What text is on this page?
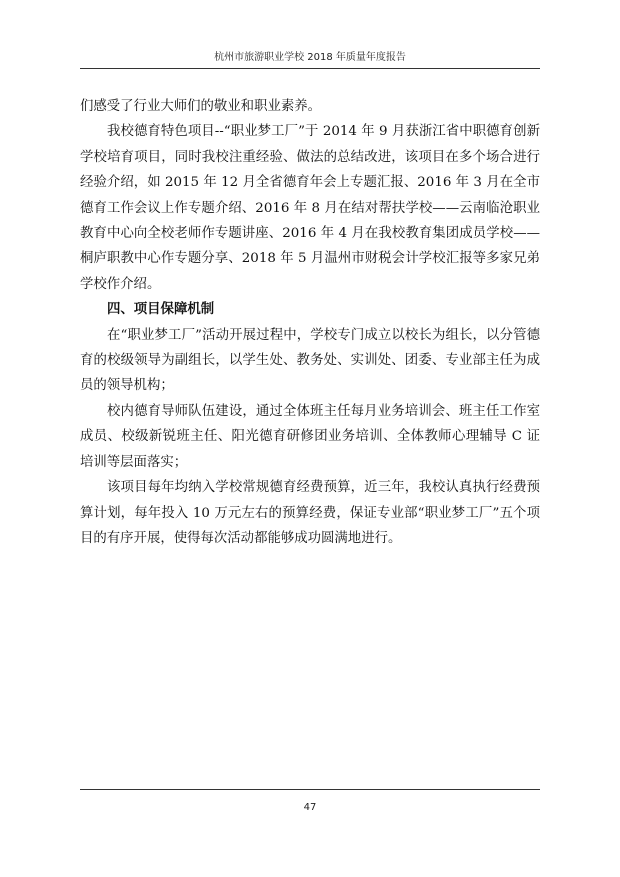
杭州市旅游职业学校 2018 年质量年度报告

们感受了行业大师们的敬业和职业素养。

我校德育特色项目--“职业梦工厂”于 2014 年 9 月获浙江省中职德育创新学校培育项目，同时我校注重经验、做法的总结改进，该项目在多个场合进行经验介绍，如 2015 年 12 月全省德育年会上专题汇报、2016 年 3 月在全市德育工作会议上作专题介绍、2016 年 8 月在结对帮扶学校——云南临沧职业教育中心向全校老师作专题讲座、2016 年 4 月在我校教育集团成员学校——桐庐职教中心作专题分享、2018 年 5 月温州市财税会计学校汇报等多家兄弟学校作介绍。

四、项目保障机制

在“职业梦工厂”活动开展过程中，学校专门成立以校长为组长，以分管德育的校级领导为副组长，以学生处、教务处、实训处、团委、专业部主任为成员的领导机构；

校内德育导师队伍建设，通过全体班主任每月业务培训会、班主任工作室成员、校级新锐班主任、阳光德育研修团业务培训、全体教师心理辅导 C 证培训等层面落实；

该项目每年均纳入学校常规德育经费预算，近三年，我校认真执行经费预算计划，每年投入 10 万元左右的预算经费，保证专业部“职业梦工厂”五个项目的有序开展，使得每次活动都能够成功圆满地进行。

47
